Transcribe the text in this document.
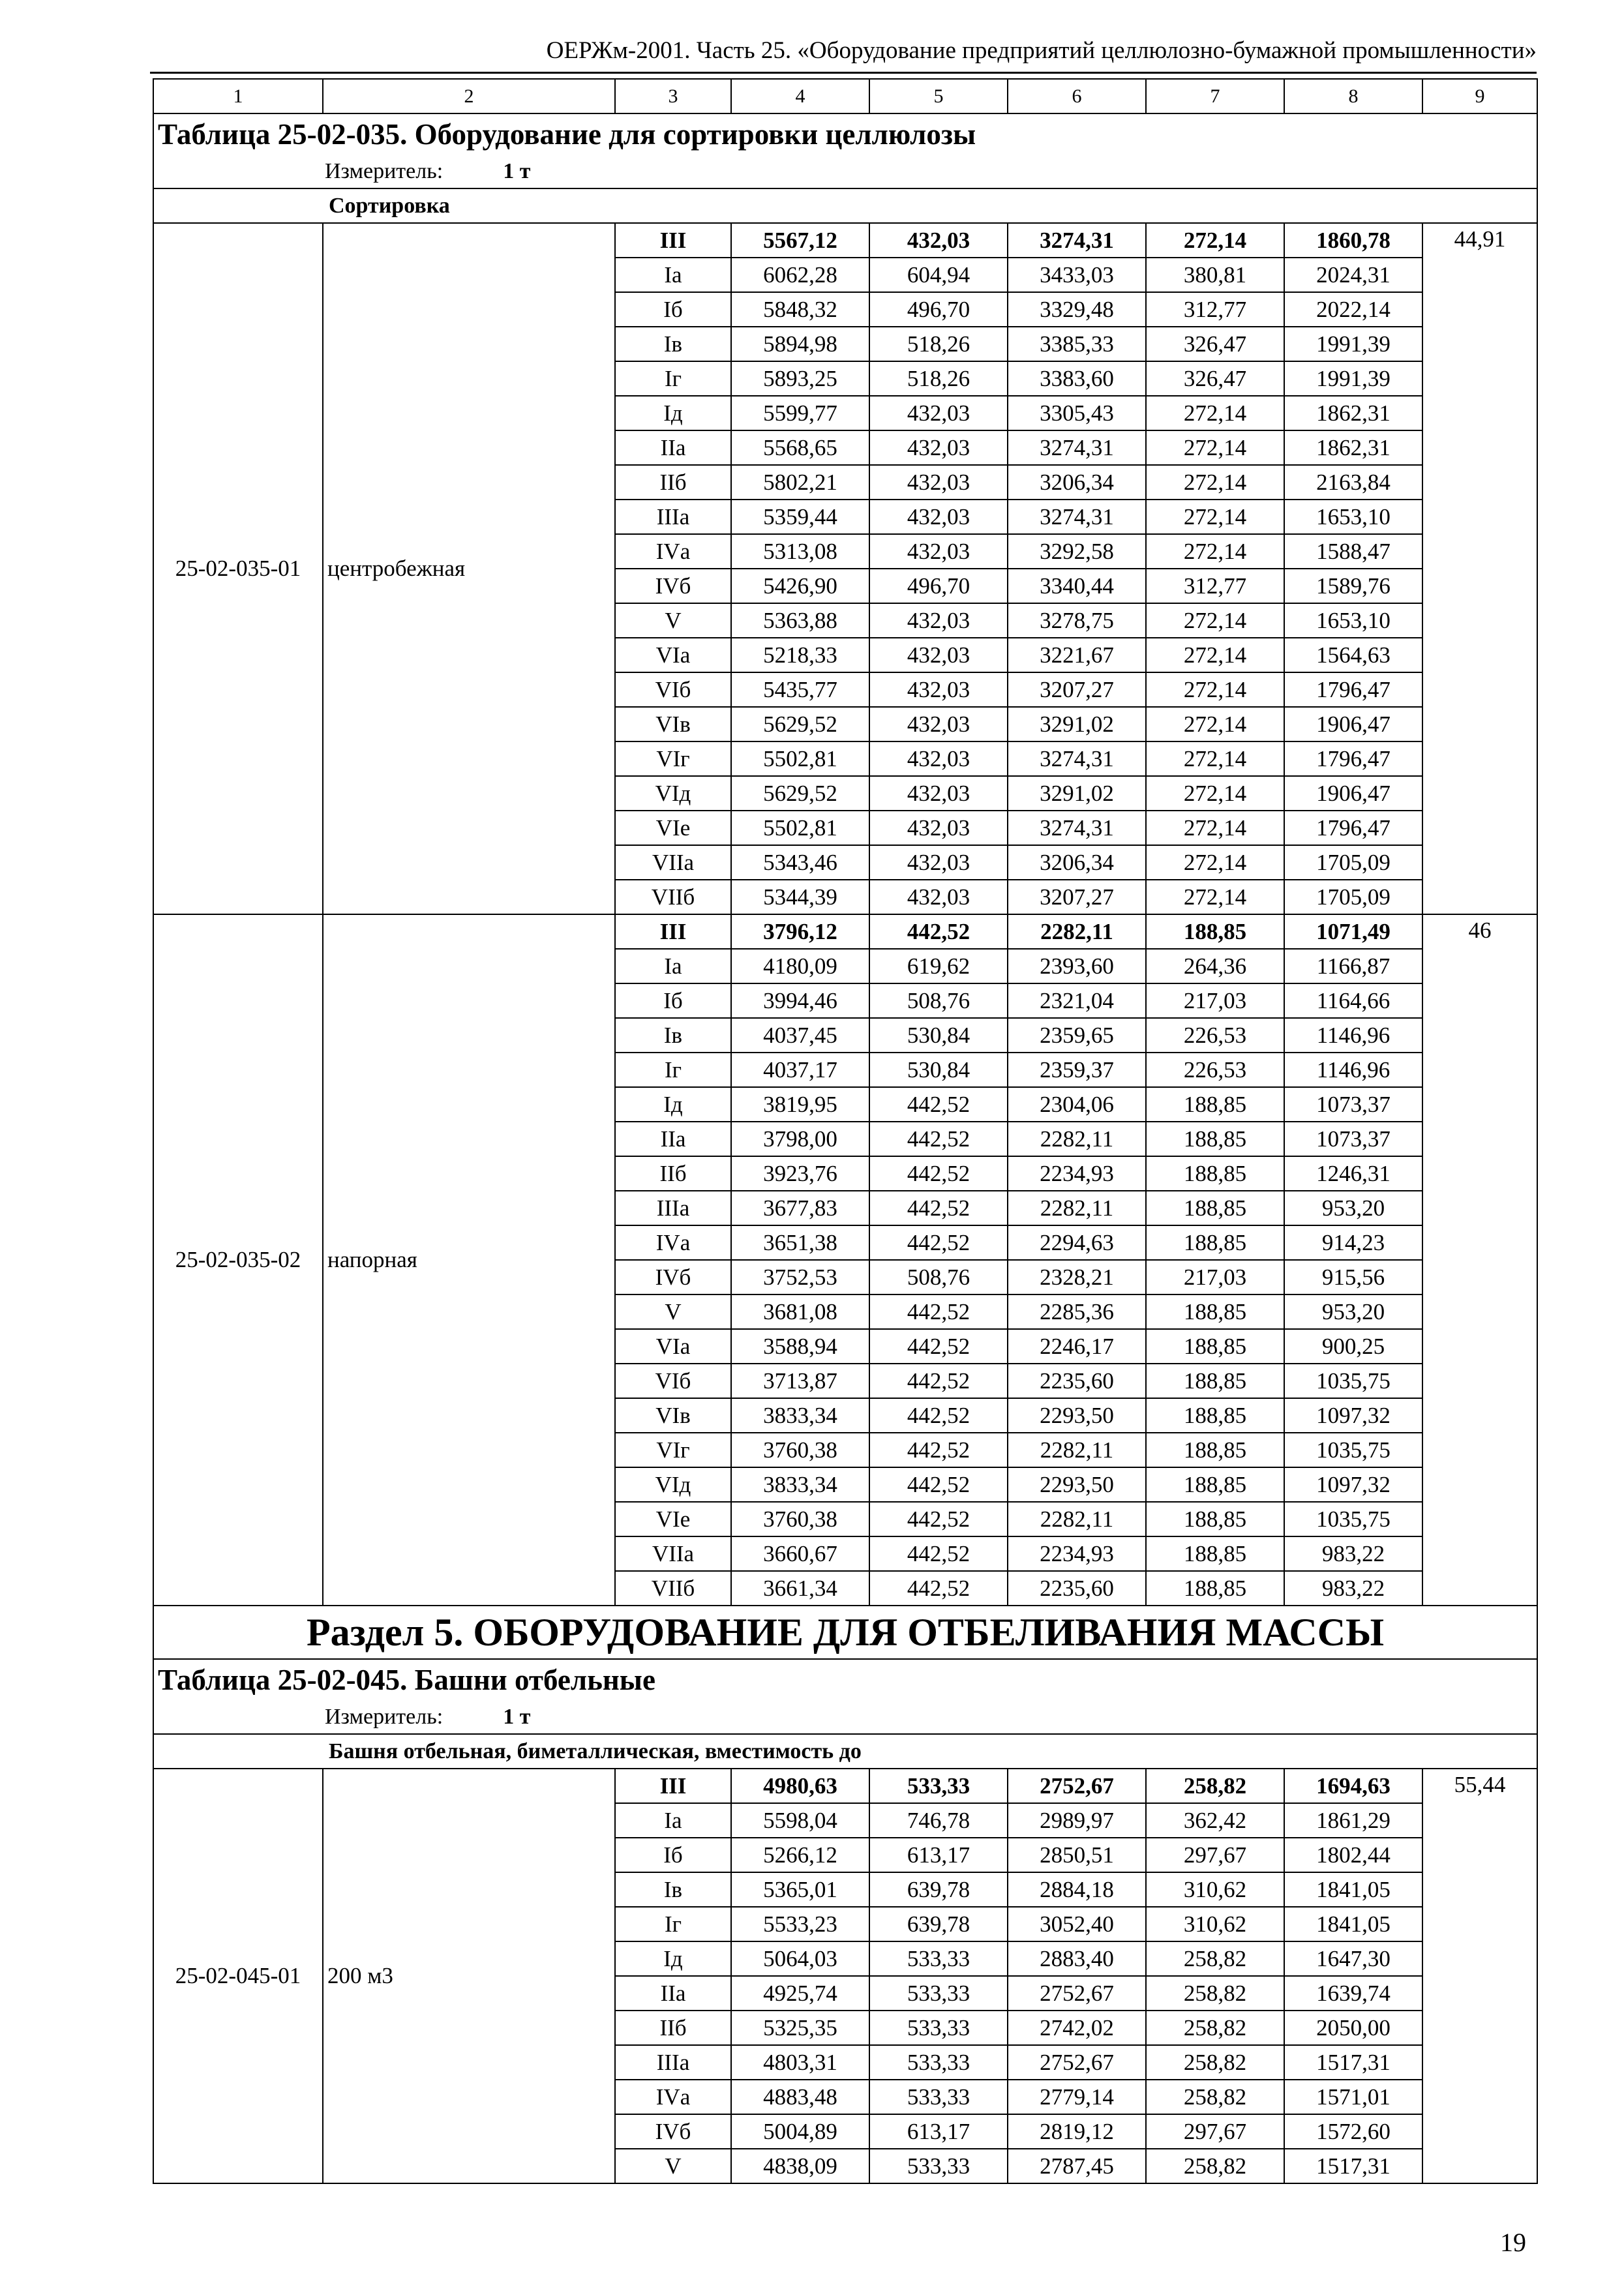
ОЕРЖм-2001. Часть 25. «Оборудование предприятий целлюлозно-бумажной промышленности»
1	2	3	4	5	6	7	8	9
Таблица 25-02-035. Оборудование для сортировки целлюлозы								
Измеритель: 1 т								
Сортировка								
25-02-035-01	центробежная	III	5567,12	432,03	3274,31	272,14	1860,78	44,91
		Iа	6062,28	604,94	3433,03	380,81	2024,31	
		Iб	5848,32	496,70	3329,48	312,77	2022,14	
		Iв	5894,98	518,26	3385,33	326,47	1991,39	
		Iг	5893,25	518,26	3383,60	326,47	1991,39	
		Iд	5599,77	432,03	3305,43	272,14	1862,31	
		IIа	5568,65	432,03	3274,31	272,14	1862,31	
		IIб	5802,21	432,03	3206,34	272,14	2163,84	
		IIIа	5359,44	432,03	3274,31	272,14	1653,10	
		IVа	5313,08	432,03	3292,58	272,14	1588,47	
		IVб	5426,90	496,70	3340,44	312,77	1589,76	
		V	5363,88	432,03	3278,75	272,14	1653,10	
		VIа	5218,33	432,03	3221,67	272,14	1564,63	
		VIб	5435,77	432,03	3207,27	272,14	1796,47	
		VIв	5629,52	432,03	3291,02	272,14	1906,47	
		VIг	5502,81	432,03	3274,31	272,14	1796,47	
		VIд	5629,52	432,03	3291,02	272,14	1906,47	
		VIе	5502,81	432,03	3274,31	272,14	1796,47	
		VIIа	5343,46	432,03	3206,34	272,14	1705,09	
		VIIб	5344,39	432,03	3207,27	272,14	1705,09	
25-02-035-02	напорная	III	3796,12	442,52	2282,11	188,85	1071,49	46
		Iа	4180,09	619,62	2393,60	264,36	1166,87	
		Iб	3994,46	508,76	2321,04	217,03	1164,66	
		Iв	4037,45	530,84	2359,65	226,53	1146,96	
		Iг	4037,17	530,84	2359,37	226,53	1146,96	
		Iд	3819,95	442,52	2304,06	188,85	1073,37	
		IIа	3798,00	442,52	2282,11	188,85	1073,37	
		IIб	3923,76	442,52	2234,93	188,85	1246,31	
		IIIа	3677,83	442,52	2282,11	188,85	953,20	
		IVа	3651,38	442,52	2294,63	188,85	914,23	
		IVб	3752,53	508,76	2328,21	217,03	915,56	
		V	3681,08	442,52	2285,36	188,85	953,20	
		VIа	3588,94	442,52	2246,17	188,85	900,25	
		VIб	3713,87	442,52	2235,60	188,85	1035,75	
		VIв	3833,34	442,52	2293,50	188,85	1097,32	
		VIг	3760,38	442,52	2282,11	188,85	1035,75	
		VIд	3833,34	442,52	2293,50	188,85	1097,32	
		VIе	3760,38	442,52	2282,11	188,85	1035,75	
		VIIа	3660,67	442,52	2234,93	188,85	983,22	
		VIIб	3661,34	442,52	2235,60	188,85	983,22	
Раздел 5. ОБОРУДОВАНИЕ ДЛЯ ОТБЕЛИВАНИЯ МАССЫ								
Таблица 25-02-045. Башни отбельные								
Измеритель: 1 т								
Башня отбельная, биметаллическая, вместимость до								
25-02-045-01	200 м3	III	4980,63	533,33	2752,67	258,82	1694,63	55,44
		Iа	5598,04	746,78	2989,97	362,42	1861,29	
		Iб	5266,12	613,17	2850,51	297,67	1802,44	
		Iв	5365,01	639,78	2884,18	310,62	1841,05	
		Iг	5533,23	639,78	3052,40	310,62	1841,05	
		Iд	5064,03	533,33	2883,40	258,82	1647,30	
		IIа	4925,74	533,33	2752,67	258,82	1639,74	
		IIб	5325,35	533,33	2742,02	258,82	2050,00	
		IIIа	4803,31	533,33	2752,67	258,82	1517,31	
		IVа	4883,48	533,33	2779,14	258,82	1571,01	
		IVб	5004,89	613,17	2819,12	297,67	1572,60	
		V	4838,09	533,33	2787,45	258,82	1517,31	
19
